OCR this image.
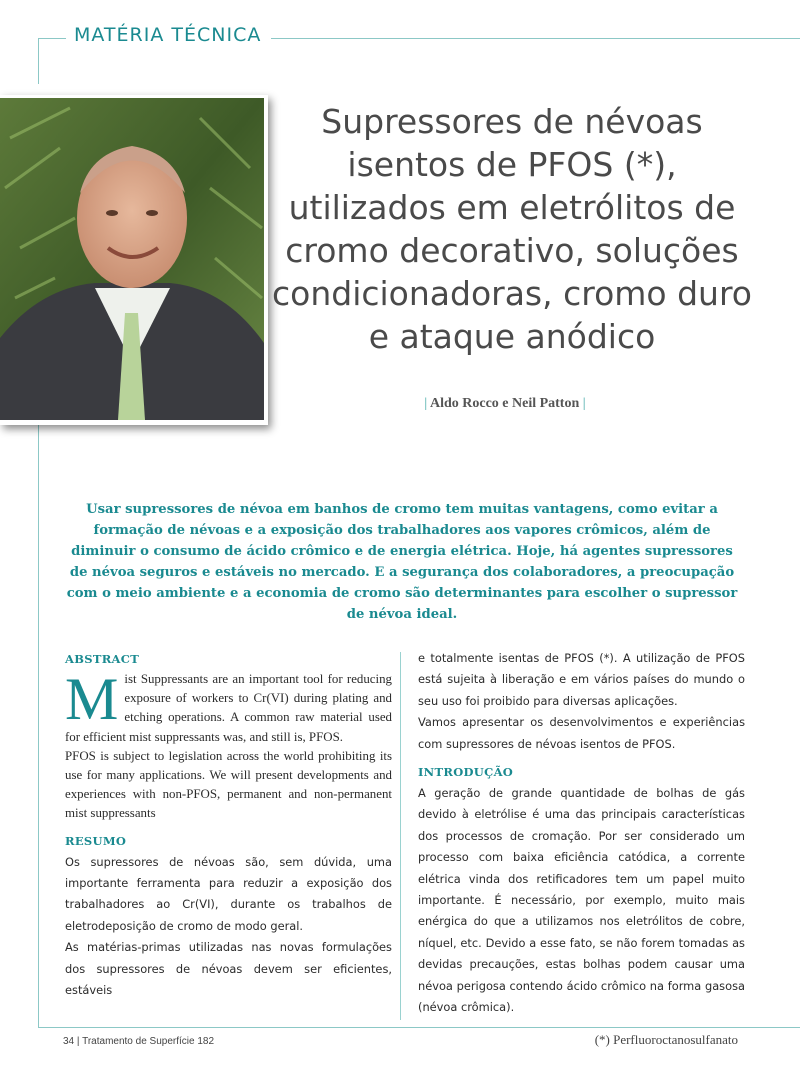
MATÉRIA TÉCNICA
Supressores de névoas
isentos de PFOS (*),
utilizados em eletrólitos de
cromo decorativo, soluções
condicionadoras, cromo duro
e ataque anódico
| Aldo Rocco e Neil Patton |
Usar supressores de névoa em banhos de cromo tem muitas vantagens, como evitar a formação de névoas e a exposição dos trabalhadores aos vapores crômicos, além de diminuir o consumo de ácido crômico e de energia elétrica. Hoje, há agentes supressores de névoa seguros e estáveis no mercado. E a segurança dos colaboradores, a preocupação com o meio ambiente e a economia de cromo são determinantes para escolher o supressor de névoa ideal.
ABSTRACT

Mist Suppressants are an important tool for reducing exposure of workers to Cr(VI) during plating and etching operations. A common raw material used for efficient mist suppressants was, and still is, PFOS.

PFOS is subject to legislation across the world prohibiting its use for many applications. We will present developments and experiences with non-PFOS, permanent and non-permanent mist suppressants

RESUMO

Os supressores de névoas são, sem dúvida, uma importante ferramenta para reduzir a exposição dos trabalhadores ao Cr(VI), durante os trabalhos de eletrodeposição de cromo de modo geral.

As matérias-primas utilizadas nas novas formulações dos supressores de névoas devem ser eficientes, estáveis

e totalmente isentas de PFOS (*). A utilização de PFOS está sujeita à liberação e em vários países do mundo o seu uso foi proibido para diversas aplicações.

Vamos apresentar os desenvolvimentos e experiências com supressores de névoas isentos de PFOS.

INTRODUÇÃO

A geração de grande quantidade de bolhas de gás devido à eletrólise é uma das principais características dos processos de cromação. Por ser considerado um processo com baixa eficiência catódica, a corrente elétrica vinda dos retificadores tem um papel muito importante. É necessário, por exemplo, muito mais enérgica do que a utilizamos nos eletrólitos de cobre, níquel, etc. Devido a esse fato, se não forem tomadas as devidas precauções, estas bolhas podem causar uma névoa perigosa contendo ácido crômico na forma gasosa (névoa crômica).

34 | Tratamento de Superfície 182	(*) Perfluoroctanosulfanato
